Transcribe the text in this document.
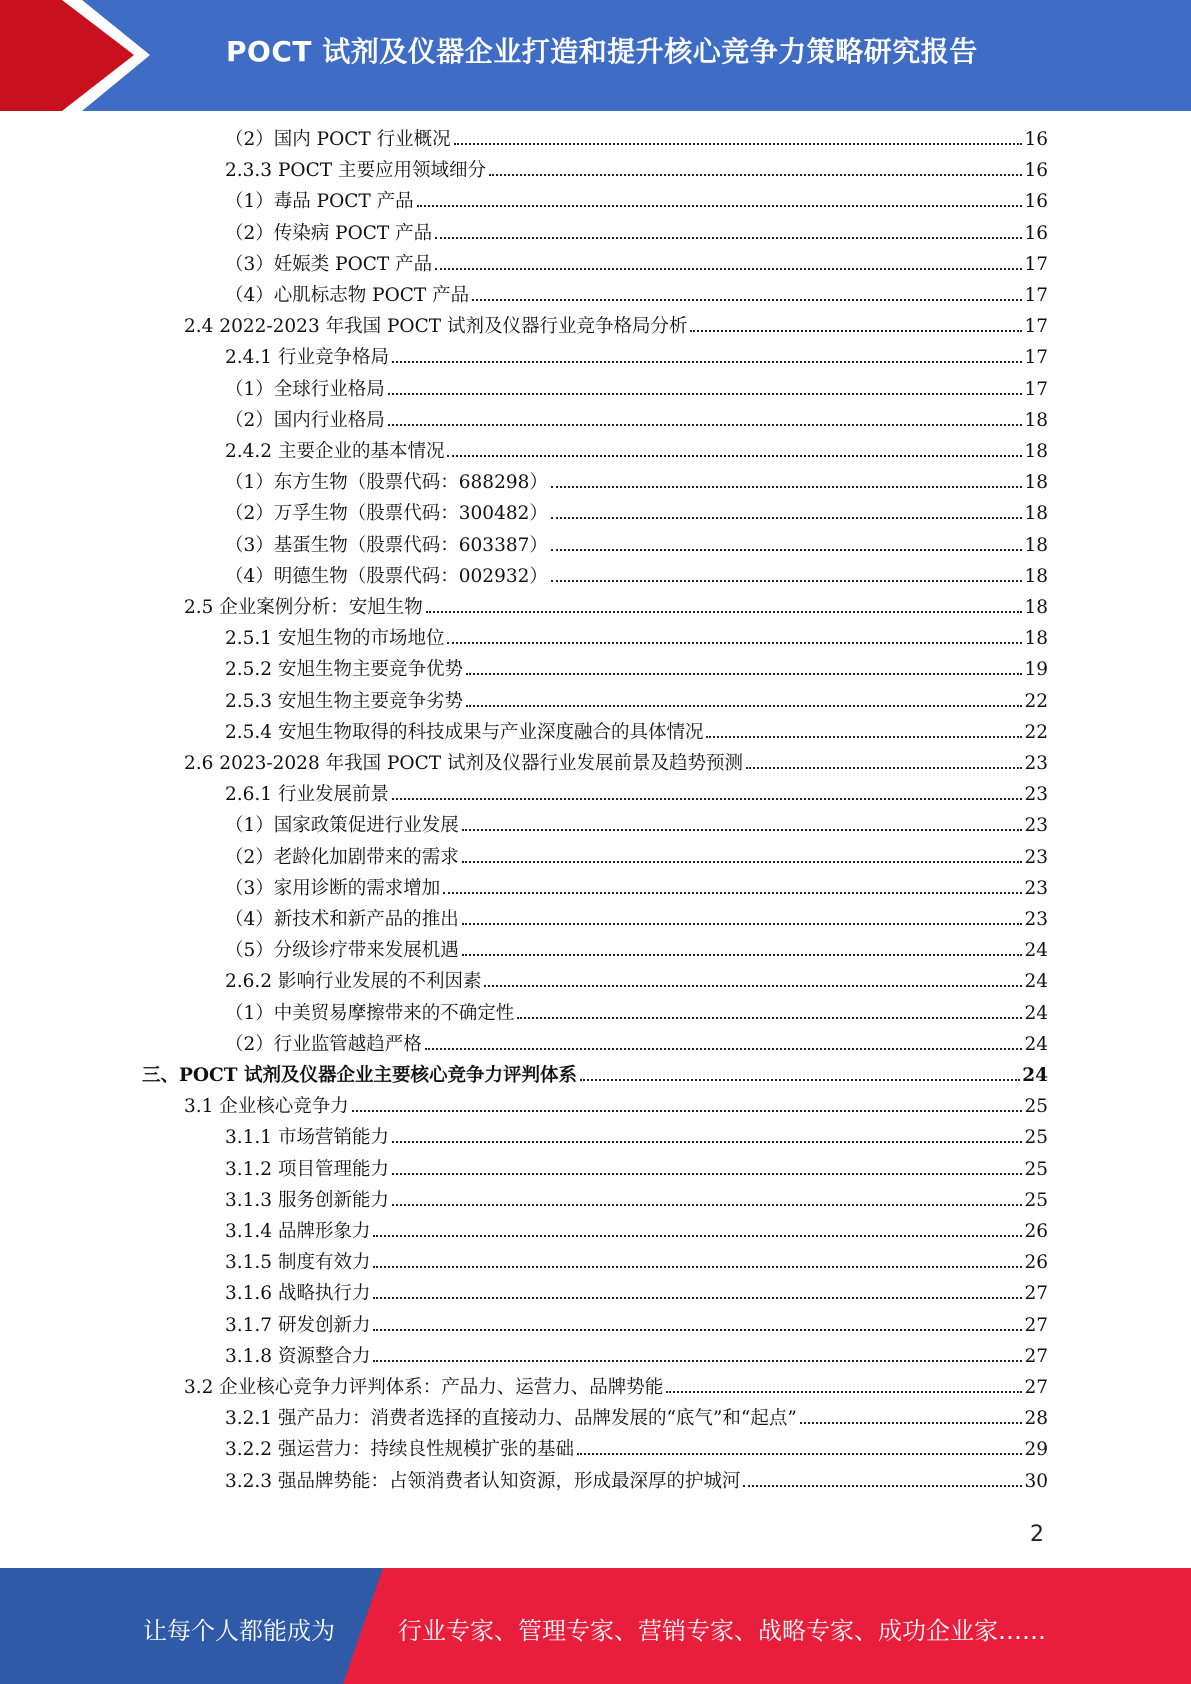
POCT 试剂及仪器企业打造和提升核心竞争力策略研究报告
（2）国内 POCT 行业概况	16
2.3.3 POCT 主要应用领域细分	16
（1）毒品 POCT 产品	16
（2）传染病 POCT 产品	16
（3）妊娠类 POCT 产品	17
（4）心肌标志物 POCT 产品	17
2.4 2022-2023 年我国 POCT 试剂及仪器行业竞争格局分析	17
2.4.1 行业竞争格局	17
（1）全球行业格局	17
（2）国内行业格局	18
2.4.2 主要企业的基本情况	18
（1）东方生物（股票代码：688298）	18
（2）万孚生物（股票代码：300482）	18
（3）基蛋生物（股票代码：603387）	18
（4）明德生物（股票代码：002932）	18
2.5 企业案例分析：安旭生物	18
2.5.1 安旭生物的市场地位	18
2.5.2 安旭生物主要竞争优势	19
2.5.3 安旭生物主要竞争劣势	22
2.5.4 安旭生物取得的科技成果与产业深度融合的具体情况	22
2.6 2023-2028 年我国 POCT 试剂及仪器行业发展前景及趋势预测	23
2.6.1 行业发展前景	23
（1）国家政策促进行业发展	23
（2）老龄化加剧带来的需求	23
（3）家用诊断的需求增加	23
（4）新技术和新产品的推出	23
（5）分级诊疗带来发展机遇	24
2.6.2 影响行业发展的不利因素	24
（1）中美贸易摩擦带来的不确定性	24
（2）行业监管越趋严格	24
三、POCT 试剂及仪器企业主要核心竞争力评判体系	24
3.1 企业核心竞争力	25
3.1.1 市场营销能力	25
3.1.2 项目管理能力	25
3.1.3 服务创新能力	25
3.1.4 品牌形象力	26
3.1.5 制度有效力	26
3.1.6 战略执行力	27
3.1.7 研发创新力	27
3.1.8 资源整合力	27
3.2 企业核心竞争力评判体系：产品力、运营力、品牌势能	27
3.2.1 强产品力：消费者选择的直接动力、品牌发展的“底气”和“起点”	28
3.2.2 强运营力：持续良性规模扩张的基础	29
3.2.3 强品牌势能：占领消费者认知资源，形成最深厚的护城河	30
2
让每个人都能成为	行业专家、管理专家、营销专家、战略专家、成功企业家……
